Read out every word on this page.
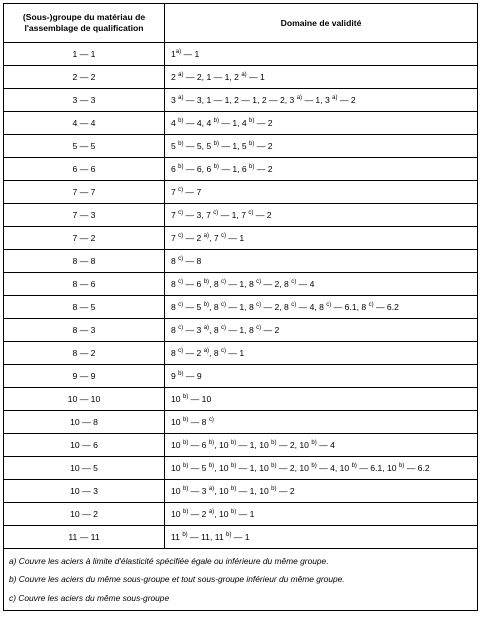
(Sous-)groupe du matériau de l'assemblage de qualification	Domaine de validité
1 — 1	1$^{a)}$ — 1
2 — 2	2 $^{a)}$ — 2, 1 — 1, 2 $^{a)}$ — 1
3 — 3	3 $^{a)}$ — 3, 1 — 1, 2 — 1, 2 — 2, 3 $^{a)}$ — 1, 3 $^{a)}$ — 2
4 — 4	4 $^{b)}$ — 4, 4 $^{b)}$ — 1, 4 $^{b)}$ — 2
5 — 5	5 $^{b)}$ — 5, 5 $^{b)}$ — 1, 5 $^{b)}$ — 2
6 — 6	6 $^{b)}$ — 6, 6 $^{b)}$ — 1, 6 $^{b)}$ — 2
7 — 7	7 $^{c)}$ — 7
7 — 3	7 $^{c)}$ — 3, 7 $^{c)}$ — 1, 7 $^{c)}$ — 2
7 — 2	7 $^{c)}$ — 2 $^{a)}$, 7 $^{c)}$ — 1
8 — 8	8 $^{c)}$ — 8
8 — 6	8 $^{c)}$ — 6 $^{b)}$, 8 $^{c)}$ — 1, 8 $^{c)}$ — 2, 8 $^{c)}$ — 4
8 — 5	8 $^{c)}$ — 5 $^{b)}$, 8 $^{c)}$ — 1, 8 $^{c)}$ — 2, 8 $^{c)}$ — 4, 8 $^{c)}$ — 6.1, 8 $^{c)}$ — 6.2
8 — 3	8 $^{c)}$ — 3 $^{a)}$, 8 $^{c)}$ — 1, 8 $^{c)}$ — 2
8 — 2	8 $^{c)}$ — 2 $^{a)}$, 8 $^{c)}$ — 1
9 — 9	9 $^{b)}$ — 9
10 — 10	10 $^{b)}$ — 10
10 — 8	10 $^{b)}$ — 8 $^{c)}$
10 — 6	10 $^{b)}$ — 6 $^{b)}$, 10 $^{b)}$ — 1, 10 $^{b)}$ — 2, 10 $^{b)}$ — 4
10 — 5	10 $^{b)}$ — 5 $^{b)}$, 10 $^{b)}$ — 1, 10 $^{b)}$ — 2, 10 $^{b)}$ — 4, 10 $^{b)}$ — 6.1, 10 $^{b)}$ — 6.2
10 — 3	10 $^{b)}$ — 3 $^{a)}$, 10 $^{b)}$ — 1, 10 $^{b)}$ — 2
10 — 2	10 $^{b)}$ — 2 $^{a)}$, 10 $^{b)}$ — 1
11 — 11	11 $^{b)}$ — 11, 11 $^{b)}$ — 1
a) Couvre les aciers à limite d'élasticité spécifiée égale ou inférieure du même groupe.
b) Couvre les aciers du même sous-groupe et tout sous-groupe inférieur du même groupe.
c) Couvre les aciers du même sous-groupe
